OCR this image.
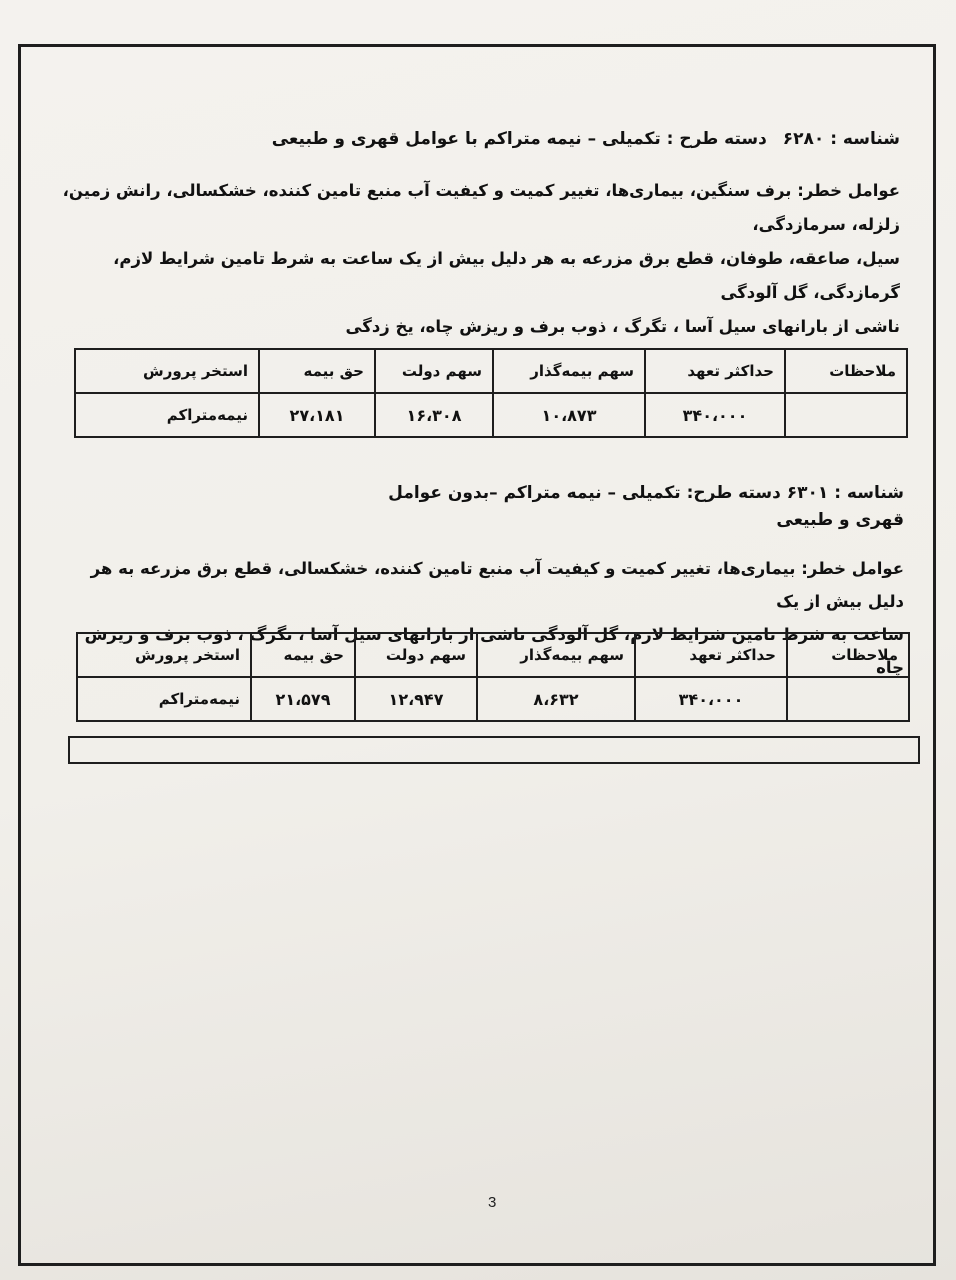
شناسه : ۶۲۸۰ دسته طرح : تکمیلی – نیمه متراکم با عوامل قهری و طبیعی

عوامل خطر: برف سنگین، بیماری‌ها، تغییر کمیت و کیفیت آب منبع تامین کننده، خشکسالی، رانش زمین، زلزله، سرمازدگی،
سیل، صاعقه، طوفان، قطع برق مزرعه به هر دلیل بیش از یک ساعت به شرط تامین شرایط لازم، گرمازدگی، گل آلودگی
ناشی از بارانهای سیل آسا ، تگرگ ، ذوب برف و ریزش چاه، یخ زدگی

ملاحظات	حداکثر تعهد	سهم بیمه‌گذار	سهم دولت	حق بیمه	استخر پرورش
	۳۴۰،۰۰۰	۱۰،۸۷۳	۱۶،۳۰۸	۲۷،۱۸۱	نیمه‌متراکم

شناسه : ۶۳۰۱ دسته طرح: تکمیلی – نیمه متراکم –بدون عوامل قهری و طبیعی

عوامل خطر: بیماری‌ها، تغییر کمیت و کیفیت آب منبع تامین کننده، خشکسالی، قطع برق مزرعه به هر دلیل بیش از یک
ساعت به شرط تامین شرایط لازم، گل آلودگی ناشی از بارانهای سیل آسا ، تگرگ ، ذوب برف و ریزش چاه

ملاحظات	حداکثر تعهد	سهم بیمه‌گذار	سهم دولت	حق بیمه	استخر پرورش
	۳۴۰،۰۰۰	۸،۶۳۲	۱۲،۹۴۷	۲۱،۵۷۹	نیمه‌متراکم
3
